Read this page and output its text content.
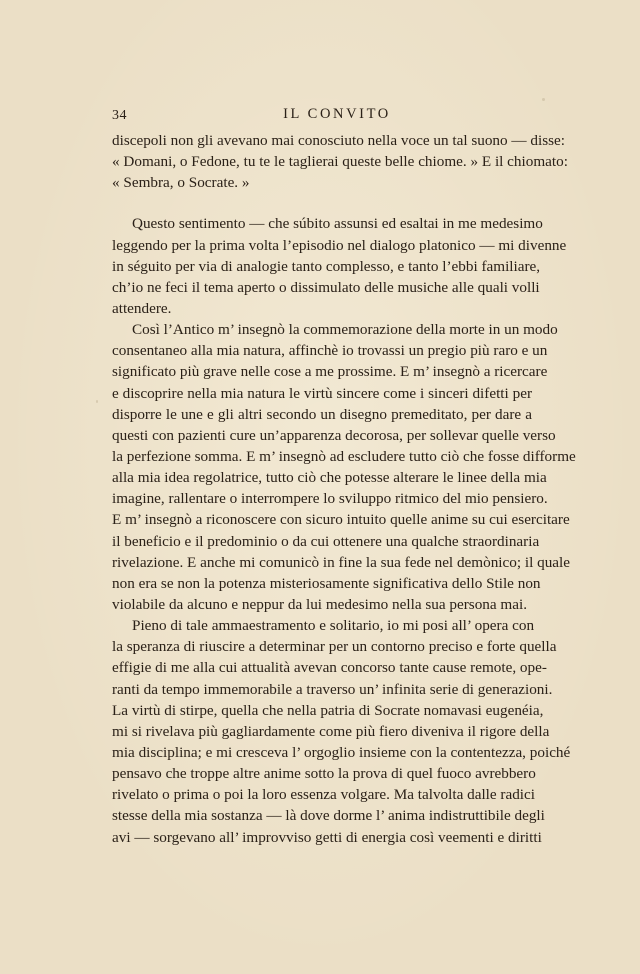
34	IL CONVITO
discepoli non gli avevano mai conosciuto nella voce un tal suono — disse:
« Domani, o Fedone, tu te le taglierai queste belle chiome. » E il chiomato:
« Sembra, o Socrate. »
Questo sentimento — che súbito assunsi ed esaltai in me medesimo
leggendo per la prima volta l’episodio nel dialogo platonico — mi divenne
in séguito per via di analogie tanto complesso, e tanto l’ebbi familiare,
ch’io ne feci il tema aperto o dissimulato delle musiche alle quali volli
attendere.
Così l’Antico m’ insegnò la commemorazione della morte in un modo
consentaneo alla mia natura, affinchè io trovassi un pregio più raro e un
significato più grave nelle cose a me prossime. E m’ insegnò a ricercare
e discoprire nella mia natura le virtù sincere come i sinceri difetti per
disporre le une e gli altri secondo un disegno premeditato, per dare a
questi con pazienti cure un’apparenza decorosa, per sollevar quelle verso
la perfezione somma. E m’ insegnò ad escludere tutto ciò che fosse difforme
alla mia idea regolatrice, tutto ciò che potesse alterare le linee della mia
imagine, rallentare o interrompere lo sviluppo ritmico del mio pensiero.
E m’ insegnò a riconoscere con sicuro intuito quelle anime su cui esercitare
il beneficio e il predominio o da cui ottenere una qualche straordinaria
rivelazione. E anche mi comunicò in fine la sua fede nel demònico; il quale
non era se non la potenza misteriosamente significativa dello Stile non
violabile da alcuno e neppur da lui medesimo nella sua persona mai.
Pieno di tale ammaestramento e solitario, io mi posi all’ opera con
la speranza di riuscire a determinar per un contorno preciso e forte quella
effigie di me alla cui attualità avevan concorso tante cause remote, ope-
ranti da tempo immemorabile a traverso un’ infinita serie di generazioni.
La virtù di stirpe, quella che nella patria di Socrate nomavasi eugenéia,
mi si rivelava più gagliardamente come più fiero diveniva il rigore della
mia disciplina; e mi cresceva l’ orgoglio insieme con la contentezza, poiché
pensavo che troppe altre anime sotto la prova di quel fuoco avrebbero
rivelato o prima o poi la loro essenza volgare. Ma talvolta dalle radici
stesse della mia sostanza — là dove dorme l’ anima indistruttibile degli
avi — sorgevano all’ improvviso getti di energia così veementi e diritti
